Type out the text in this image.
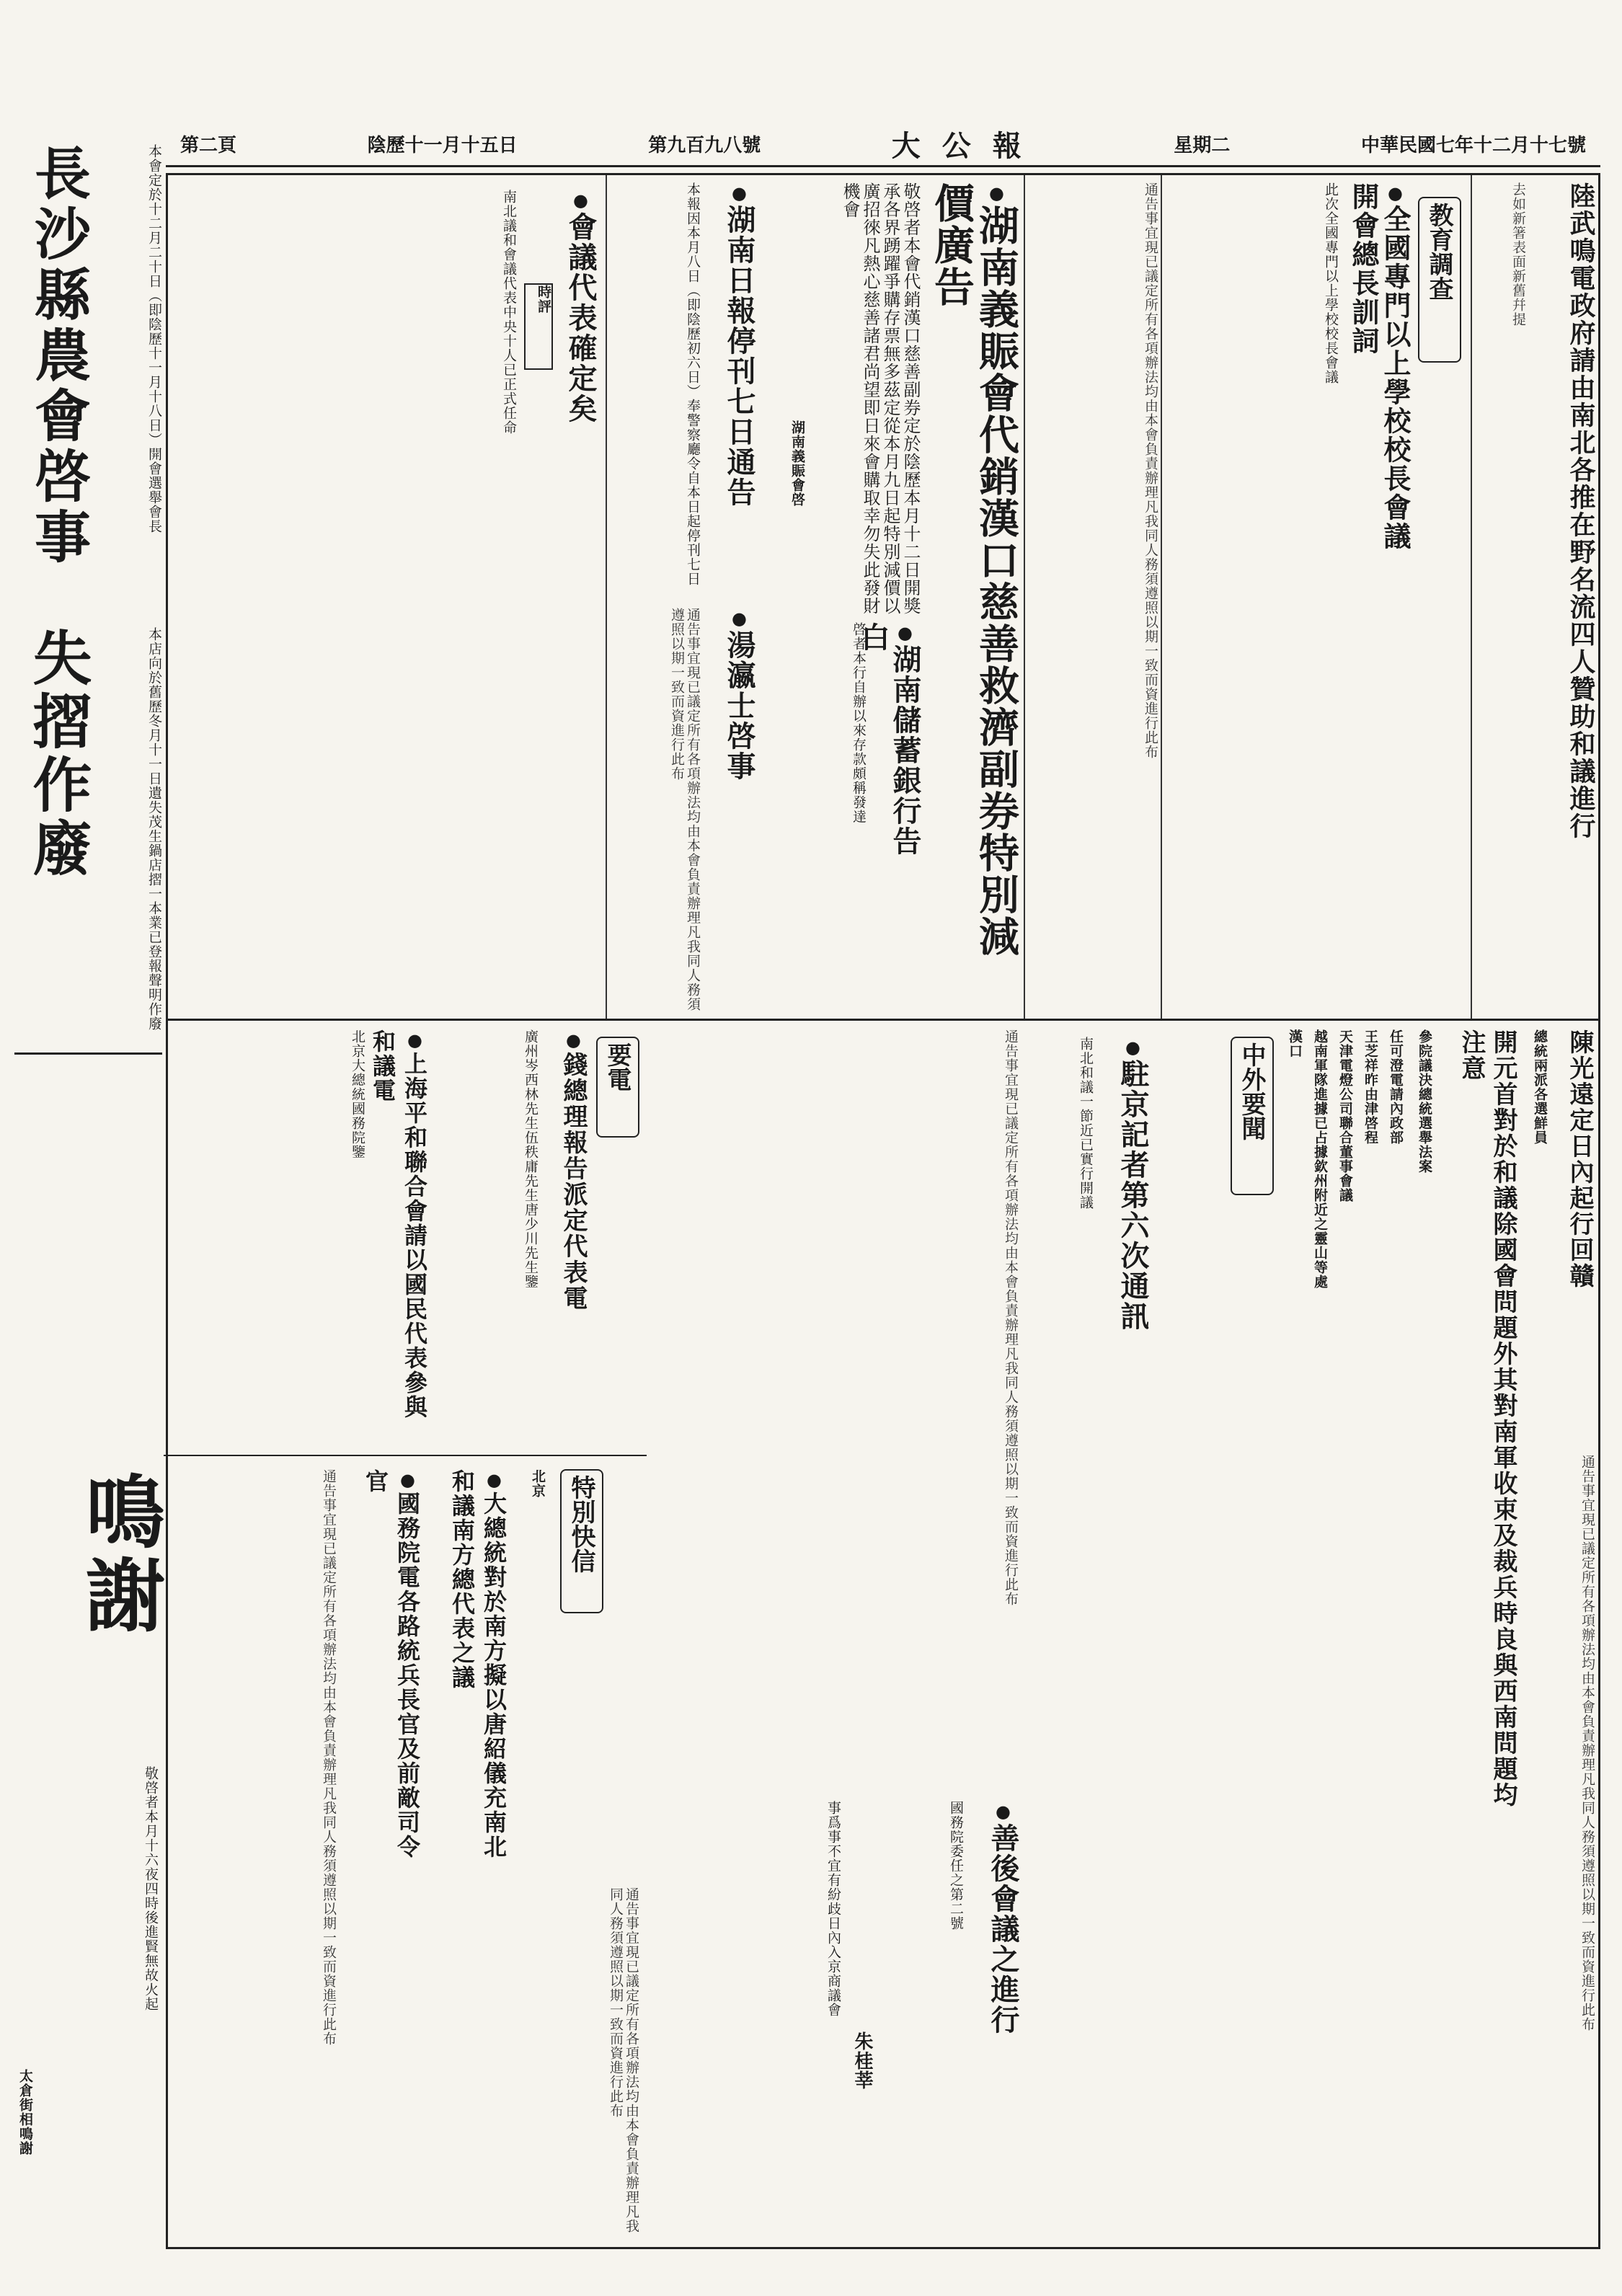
第二頁	陰歷十一月十五日	第九百九八號	大公報	星期二	中華民國七年十二月十七號
長沙縣農會啓事	本會定於十二月二十日（即陰歷十一月十八日）開會選舉會長
失摺作廢	本店向於舊歷冬月十一日遺失茂生鍋店摺一本業已登報聲明作廢
鳴謝
敬啓者本月十六夜四時後進賢無故火起
太倉街相鳴謝
陸武鳴電政府請由南北各推在野名流四人贊助和議進行
去如新箸表面新舊幷提
教育調查
● 全國專門以上學校校長會議開會總長訓詞
此次全國專門以上學校校長會議
通告事宜現已議定所有各項辦法均由本會負責辦理凡我同人務須遵照以期一致而資進行此布
● 湖南義賑會代銷漢口慈善救濟副券特別減價廣告
敬啓者本會代銷漢口慈善副券定於陰歷本月十二日開獎承各界踴躍爭購存票無多茲定從本月九日起特別減價以廣招徠凡熱心慈善諸君尚望即日來會購取幸勿失此發財機會
湖南義賑會啓
● 湖南儲蓄銀行告白
啓者本行自辦以來存款頗稱發達
● 湖南日報停刊七日通告
本報因本月八日（即陰歷初六日）奉警察廳令自本日起停刊七日
● 湯瀛士啓事
通告事宜現已議定所有各項辦法均由本會負責辦理凡我同人務須遵照以期一致而資進行此布
● 會議代表確定矣
時評
南北議和會議代表中央十人已正式任命
陳光遠定日內起行回贛
總統兩派各選鮮員
開元首對於和議除國會問題外其對南軍收束及裁兵時良與西南問題均注意
參院議決總統選舉法案
任可澄電請內政部
王芝祥昨由津啓程
天津電燈公司聯合董事會議
越南軍隊進據已占據欽州附近之靈山等處
漢口
中外要聞
通告事宜現已議定所有各項辦法均由本會負責辦理凡我同人務須遵照以期一致而資進行此布
● 駐京記者第六次通訊
南北和議一節近已實行開議
通告事宜現已議定所有各項辦法均由本會負責辦理凡我同人務須遵照以期一致而資進行此布
● 善後會議之進行
國務院委任之第二號
朱桂莘
事爲事不宜有紛歧日內入京商議會
要電
● 錢總理報告派定代表電
廣州岑西林先生伍秩庸先生唐少川先生鑒
● 上海平和聯合會請以國民代表參與和議電
北京大總統國務院鑒
特別快信
北京
● 大總統對於南方擬以唐紹儀充南北和議南方總代表之議
● 國務院電各路統兵長官及前敵司令官
通告事宜現已議定所有各項辦法均由本會負責辦理凡我同人務須遵照以期一致而資進行此布
通告事宜現已議定所有各項辦法均由本會負責辦理凡我同人務須遵照以期一致而資進行此布
